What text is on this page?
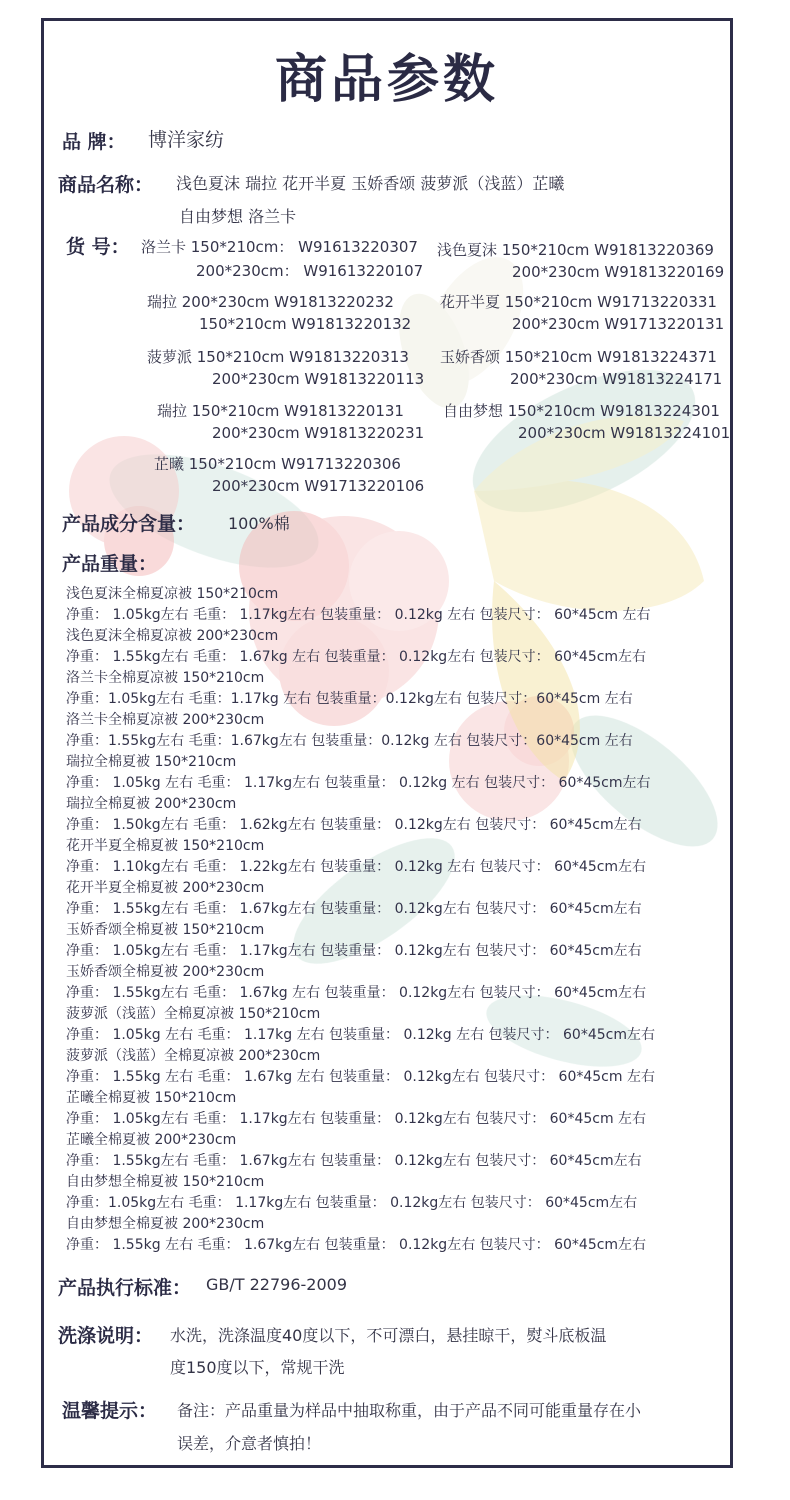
商品参数
品 牌： 博洋家纺
商品名称： 浅色夏沫 瑞拉 花开半夏 玉娇香颂 菠萝派（浅蓝）芷曦
自由梦想 洛兰卡
货 号： 洛兰卡 150*210cm： W91613220307
200*230cm： W91613220107
浅色夏沫 150*210cm W91813220369
200*230cm W91813220169
瑞拉 200*230cm W91813220232
150*210cm W91813220132
花开半夏 150*210cm W91713220331
200*230cm W91713220131
菠萝派 150*210cm W91813220313
200*230cm W91813220113
玉娇香颂 150*210cm W91813224371
200*230cm W91813224171
瑞拉 150*210cm W91813220131
200*230cm W91813220231
自由梦想 150*210cm W91813224301
200*230cm W91813224101
芷曦 150*210cm W91713220306
200*230cm W91713220106
产品成分含量： 100%棉
产品重量：
浅色夏沫全棉夏凉被 150*210cm
净重： 1.05kg左右 毛重： 1.17kg左右 包装重量： 0.12kg 左右 包装尺寸： 60*45cm 左右
浅色夏沫全棉夏凉被 200*230cm
净重： 1.55kg左右 毛重： 1.67kg 左右 包装重量： 0.12kg左右 包装尺寸： 60*45cm左右
洛兰卡全棉夏凉被 150*210cm
净重：1.05kg左右 毛重：1.17kg 左右 包装重量：0.12kg左右 包装尺寸：60*45cm 左右
洛兰卡全棉夏凉被 200*230cm
净重：1.55kg左右 毛重：1.67kg左右 包装重量：0.12kg 左右 包装尺寸：60*45cm 左右
瑞拉全棉夏被 150*210cm
净重： 1.05kg 左右 毛重： 1.17kg左右 包装重量： 0.12kg 左右 包装尺寸： 60*45cm左右
瑞拉全棉夏被 200*230cm
净重： 1.50kg左右 毛重： 1.62kg左右 包装重量： 0.12kg左右 包装尺寸： 60*45cm左右
花开半夏全棉夏被 150*210cm
净重： 1.10kg左右 毛重： 1.22kg左右 包装重量： 0.12kg 左右 包装尺寸： 60*45cm左右
花开半夏全棉夏被 200*230cm
净重： 1.55kg左右 毛重： 1.67kg左右 包装重量： 0.12kg左右 包装尺寸： 60*45cm左右
玉娇香颂全棉夏被 150*210cm
净重： 1.05kg左右 毛重： 1.17kg左右 包装重量： 0.12kg左右 包装尺寸： 60*45cm左右
玉娇香颂全棉夏被 200*230cm
净重： 1.55kg左右 毛重： 1.67kg 左右 包装重量： 0.12kg左右 包装尺寸： 60*45cm左右
菠萝派（浅蓝）全棉夏凉被 150*210cm
净重： 1.05kg 左右 毛重： 1.17kg 左右 包装重量： 0.12kg 左右 包装尺寸： 60*45cm左右
菠萝派（浅蓝）全棉夏凉被 200*230cm
净重： 1.55kg 左右 毛重： 1.67kg 左右 包装重量： 0.12kg左右 包装尺寸： 60*45cm 左右
芷曦全棉夏被 150*210cm
净重： 1.05kg左右 毛重： 1.17kg左右 包装重量： 0.12kg左右 包装尺寸： 60*45cm 左右
芷曦全棉夏被 200*230cm
净重： 1.55kg左右 毛重： 1.67kg左右 包装重量： 0.12kg左右 包装尺寸： 60*45cm左右
自由梦想全棉夏被 150*210cm
净重：1.05kg左右 毛重： 1.17kg左右 包装重量： 0.12kg左右 包装尺寸： 60*45cm左右
自由梦想全棉夏被 200*230cm
净重： 1.55kg 左右 毛重： 1.67kg左右 包装重量： 0.12kg左右 包装尺寸： 60*45cm左右
产品执行标准： GB/T 22796-2009
洗涤说明： 水洗，洗涤温度40度以下，不可漂白，悬挂晾干，熨斗底板温
度150度以下，常规干洗
温馨提示： 备注：产品重量为样品中抽取称重，由于产品不同可能重量存在小
误差，介意者慎拍！
